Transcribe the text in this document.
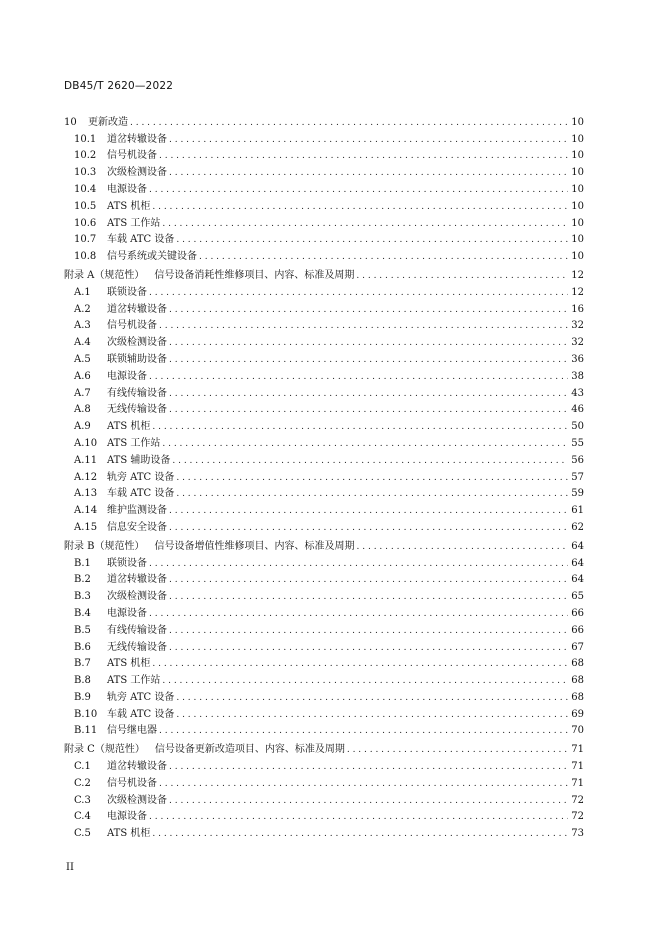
DB45/T 2620—2022
10 更新改造 . . .	10
10.1 道岔转辙设备 . . .	10
10.2 信号机设备 . . .	10
10.3 次级检测设备 . . .	10
10.4 电源设备 . . .	10
10.5 ATS 机柜 . . .	10
10.6 ATS 工作站 . . .	10
10.7 车载 ATC 设备 . . .	10
10.8 信号系统或关键设备 . . .	10
附录 A（规范性） 信号设备消耗性维修项目、内容、标准及周期 . . .	12
A.1 联锁设备 . . .	12
A.2 道岔转辙设备 . . .	16
A.3 信号机设备 . . .	32
A.4 次级检测设备 . . .	32
A.5 联锁辅助设备 . . .	36
A.6 电源设备 . . .	38
A.7 有线传输设备 . . .	43
A.8 无线传输设备 . . .	46
A.9 ATS 机柜 . . .	50
A.10 ATS 工作站 . . .	55
A.11 ATS 辅助设备 . . .	56
A.12 轨旁 ATC 设备 . . .	57
A.13 车载 ATC 设备 . . .	59
A.14 维护监测设备 . . .	61
A.15 信息安全设备 . . .	62
附录 B（规范性） 信号设备增值性维修项目、内容、标准及周期 . . .	64
B.1 联锁设备 . . .	64
B.2 道岔转辙设备 . . .	64
B.3 次级检测设备 . . .	65
B.4 电源设备 . . .	66
B.5 有线传输设备 . . .	66
B.6 无线传输设备 . . .	67
B.7 ATS 机柜 . . .	68
B.8 ATS 工作站 . . .	68
B.9 轨旁 ATC 设备 . . .	68
B.10 车载 ATC 设备 . . .	69
B.11 信号继电器 . . .	70
附录 C（规范性） 信号设备更新改造项目、内容、标准及周期 . . .	71
C.1 道岔转辙设备 . . .	71
C.2 信号机设备 . . .	71
C.3 次级检测设备 . . .	72
C.4 电源设备 . . .	72
C.5 ATS 机柜 . . .	73
II
